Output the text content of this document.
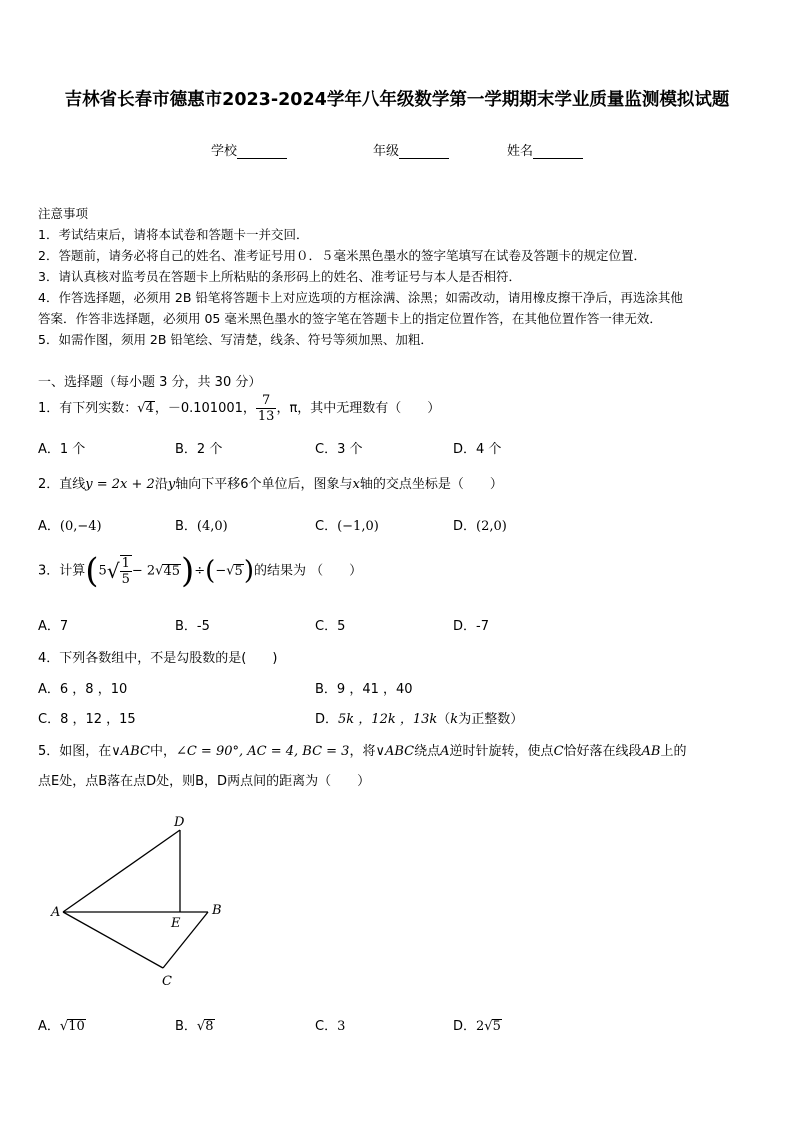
吉林省长春市德惠市2023-2024学年八年级数学第一学期期末学业质量监测模拟试题
学校	年级	姓名
注意事项
1．考试结束后，请将本试卷和答题卡一并交回．
2．答题前，请务必将自己的姓名、准考证号用０．５毫米黑色墨水的签字笔填写在试卷及答题卡的规定位置．
3．请认真核对监考员在答题卡上所粘贴的条形码上的姓名、准考证号与本人是否相符．
4．作答选择题，必须用 2B 铅笔将答题卡上对应选项的方框涂满、涂黑；如需改动，请用橡皮擦干净后，再选涂其他
答案．作答非选择题，必须用 05 毫米黑色墨水的签字笔在答题卡上的指定位置作答，在其他位置作答一律无效．
5．如需作图，须用 2B 铅笔绘、写清楚，线条、符号等须加黑、加粗．
一、选择题（每小题 3 分，共 30 分）
1．有下列实数：√4，－0.101001， $\frac{7}{13}$ ，π，其中无理数有（　　）
A．1 个	B．2 个	C．3 个	D．4 个
2．直线y = 2x + 2沿y轴向下平移6个单位后，图象与x轴的交点坐标是（　　）
A．(0,−4)	B．(4,0)	C．(−1,0)	D．(2,0)
3．计算$(5√ \frac{1}{5} - 2√45)\div(-√5)$的结果为 （　　）
A．7	B．-5	C．5	D．-7
4．下列各数组中，不是勾股数的是(　　)
A．6 ，8 ，10	B．9 ，41 ，40
C．8 ，12 ，15	D．5k ，12k ，13k（k为正整数）
5．如图，在∨ABC中，∠C = 90°, AC = 4, BC = 3，将∨ABC绕点A逆时针旋转，使点C恰好落在线段AB上的
点E处，点B落在点D处，则B，D两点间的距离为（　　）
D
A
E
B
C
A．√10	B．√8	C．3	D．2√5
